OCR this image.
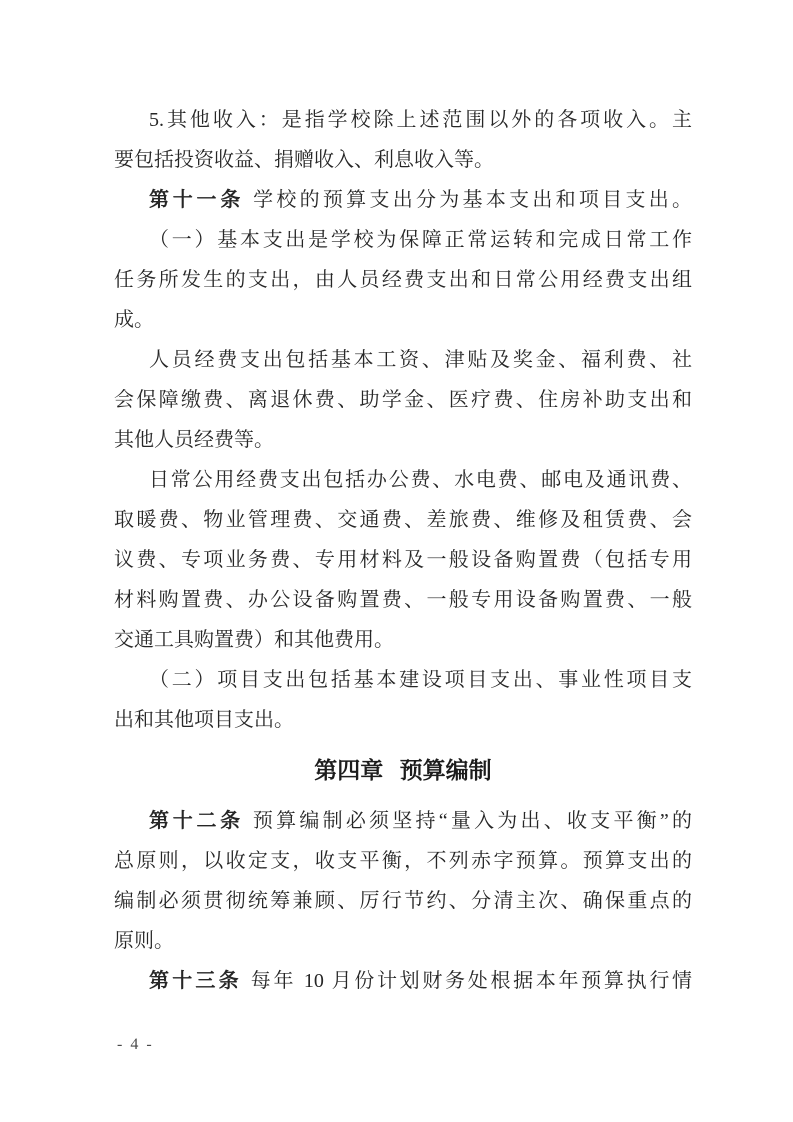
5.其他收入：是指学校除上述范围以外的各项收入。主
要包括投资收益、捐赠收入、利息收入等。
第十一条 学校的预算支出分为基本支出和项目支出。
（一）基本支出是学校为保障正常运转和完成日常工作
任务所发生的支出，由人员经费支出和日常公用经费支出组
成。
人员经费支出包括基本工资、津贴及奖金、福利费、社
会保障缴费、离退休费、助学金、医疗费、住房补助支出和
其他人员经费等。
日常公用经费支出包括办公费、水电费、邮电及通讯费、
取暖费、物业管理费、交通费、差旅费、维修及租赁费、会
议费、专项业务费、专用材料及一般设备购置费（包括专用
材料购置费、办公设备购置费、一般专用设备购置费、一般
交通工具购置费）和其他费用。
（二）项目支出包括基本建设项目支出、事业性项目支
出和其他项目支出。
第四章 预算编制
第十二条 预算编制必须坚持“量入为出、收支平衡”的
总原则，以收定支，收支平衡，不列赤字预算。预算支出的
编制必须贯彻统筹兼顾、厉行节约、分清主次、确保重点的
原则。
第十三条 每年 10 月份计划财务处根据本年预算执行情
- 4 -
